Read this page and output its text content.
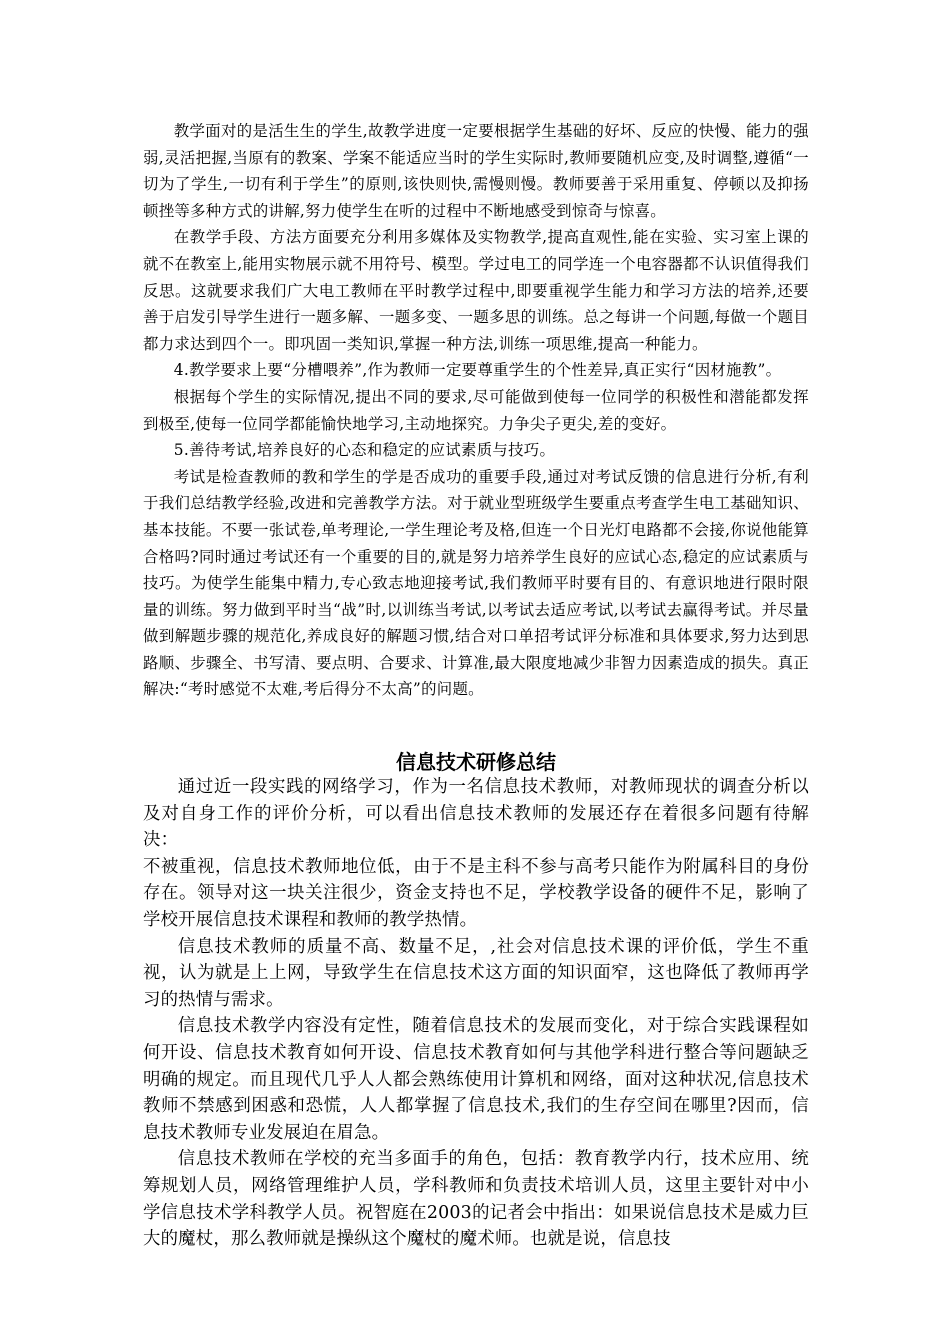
教学面对的是活生生的学生,故教学进度一定要根据学生基础的好坏、反应的快慢、能力的强弱,灵活把握,当原有的教案、学案不能适应当时的学生实际时,教师要随机应变,及时调整,遵循“一切为了学生,一切有利于学生”的原则,该快则快,需慢则慢。教师要善于采用重复、停顿以及抑扬顿挫等多种方式的讲解,努力使学生在听的过程中不断地感受到惊奇与惊喜。

在教学手段、方法方面要充分利用多媒体及实物教学,提高直观性,能在实验、实习室上课的就不在教室上,能用实物展示就不用符号、模型。学过电工的同学连一个电容器都不认识值得我们反思。这就要求我们广大电工教师在平时教学过程中,即要重视学生能力和学习方法的培养,还要善于启发引导学生进行一题多解、一题多变、一题多思的训练。总之每讲一个问题,每做一个题目都力求达到四个一。即巩固一类知识,掌握一种方法,训练一项思维,提高一种能力。

4.教学要求上要“分槽喂养”,作为教师一定要尊重学生的个性差异,真正实行“因材施教”。

根据每个学生的实际情况,提出不同的要求,尽可能做到使每一位同学的积极性和潜能都发挥到极至,使每一位同学都能愉快地学习,主动地探究。力争尖子更尖,差的变好。

5.善待考试,培养良好的心态和稳定的应试素质与技巧。

考试是检查教师的教和学生的学是否成功的重要手段,通过对考试反馈的信息进行分析,有利于我们总结教学经验,改进和完善教学方法。对于就业型班级学生要重点考查学生电工基础知识、基本技能。不要一张试卷,单考理论,一学生理论考及格,但连一个日光灯电路都不会接,你说他能算合格吗?同时通过考试还有一个重要的目的,就是努力培养学生良好的应试心态,稳定的应试素质与技巧。为使学生能集中精力,专心致志地迎接考试,我们教师平时要有目的、有意识地进行限时限量的训练。努力做到平时当“战”时,以训练当考试,以考试去适应考试,以考试去赢得考试。并尽量做到解题步骤的规范化,养成良好的解题习惯,结合对口单招考试评分标准和具体要求,努力达到思路顺、步骤全、书写清、要点明、合要求、计算准,最大限度地减少非智力因素造成的损失。真正解决:“考时感觉不太难,考后得分不太高”的问题。

信息技术研修总结

通过近一段实践的网络学习，作为一名信息技术教师，对教师现状的调查分析以及对自身工作的评价分析，可以看出信息技术教师的发展还存在着很多问题有待解决：

不被重视，信息技术教师地位低，由于不是主科不参与高考只能作为附属科目的身份存在。领导对这一块关注很少，资金支持也不足，学校教学设备的硬件不足，影响了学校开展信息技术课程和教师的教学热情。

信息技术教师的质量不高、数量不足，,社会对信息技术课的评价低，学生不重视，认为就是上上网，导致学生在信息技术这方面的知识面窄，这也降低了教师再学习的热情与需求。

信息技术教学内容没有定性，随着信息技术的发展而变化，对于综合实践课程如何开设、信息技术教育如何开设、信息技术教育如何与其他学科进行整合等问题缺乏明确的规定。而且现代几乎人人都会熟练使用计算机和网络，面对这种状况,信息技术教师不禁感到困惑和恐慌，人人都掌握了信息技术,我们的生存空间在哪里?因而，信息技术教师专业发展迫在眉急。

信息技术教师在学校的充当多面手的角色，包括：教育教学内行，技术应用、统筹规划人员，网络管理维护人员，学科教师和负责技术培训人员，这里主要针对中小学信息技术学科教学人员。祝智庭在2003的记者会中指出：如果说信息技术是威力巨大的魔杖，那么教师就是操纵这个魔杖的魔术师。也就是说，信息技
